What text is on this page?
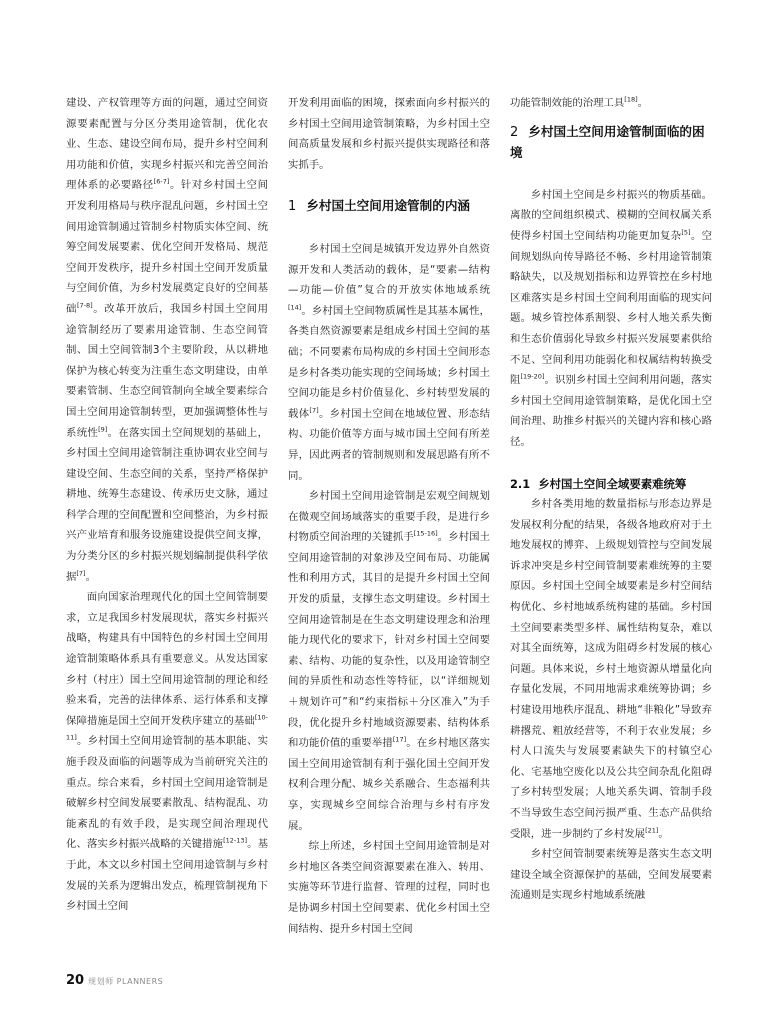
建设、产权管理等方面的问题，通过空间资源要素配置与分区分类用途管制，优化农业、生态、建设空间布局，提升乡村空间利用功能和价值，实现乡村振兴和完善空间治理体系的必要路径[6-7]。针对乡村国土空间开发利用格局与秩序混乱问题，乡村国土空间用途管制通过管制乡村物质实体空间、统筹空间发展要素、优化空间开发格局、规范空间开发秩序，提升乡村国土空间开发质量与空间价值，为乡村发展奠定良好的空间基础[7-8]。改革开放后，我国乡村国土空间用途管制经历了要素用途管制、生态空间管制、国土空间管制3个主要阶段，从以耕地保护为核心转变为注重生态文明建设，由单要素管制、生态空间管制向全域全要素综合国土空间用途管制转型，更加强调整体性与系统性[9]。在落实国土空间规划的基础上，乡村国土空间用途管制注重协调农业空间与建设空间、生态空间的关系，坚持严格保护耕地、统筹生态建设、传承历史文脉，通过科学合理的空间配置和空间整治，为乡村振兴产业培育和服务设施建设提供空间支撑，为分类分区的乡村振兴规划编制提供科学依据[7]。

面向国家治理现代化的国土空间管制要求，立足我国乡村发展现状，落实乡村振兴战略，构建具有中国特色的乡村国土空间用途管制策略体系具有重要意义。从发达国家乡村（村庄）国土空间用途管制的理论和经验来看，完善的法律体系、运行体系和支撑保障措施是国土空间开发秩序建立的基础[10-11]。乡村国土空间用途管制的基本职能、实施手段及面临的问题等成为当前研究关注的重点。综合来看，乡村国土空间用途管制是破解乡村空间发展要素散乱、结构混乱、功能紊乱的有效手段，是实现空间治理现代化、落实乡村振兴战略的关键措施[12-13]。基于此，本文以乡村国土空间用途管制与乡村发展的关系为逻辑出发点，梳理管制视角下乡村国土空间

开发利用面临的困境，探索面向乡村振兴的乡村国土空间用途管制策略，为乡村国土空间高质量发展和乡村振兴提供实现路径和落实抓手。

1 乡村国土空间用途管制的内涵

乡村国土空间是城镇开发边界外自然资源开发和人类活动的载体，是“要素—结构—功能—价值”复合的开放实体地域系统[14]。乡村国土空间物质属性是其基本属性，各类自然资源要素是组成乡村国土空间的基础；不同要素布局构成的乡村国土空间形态是乡村各类功能实现的空间场域；乡村国土空间功能是乡村价值显化、乡村转型发展的载体[7]。乡村国土空间在地域位置、形态结构、功能价值等方面与城市国土空间有所差异，因此两者的管制规则和发展思路有所不同。

乡村国土空间用途管制是宏观空间规划在微观空间场域落实的重要手段，是进行乡村物质空间治理的关键抓手[15-16]。乡村国土空间用途管制的对象涉及空间布局、功能属性和利用方式，其目的是提升乡村国土空间开发的质量，支撑生态文明建设。乡村国土空间用途管制是在生态文明建设理念和治理能力现代化的要求下，针对乡村国土空间要素、结构、功能的复杂性，以及用途管制空间的异质性和动态性等特征，以“详细规划＋规划许可”和“约束指标＋分区准入”为手段，优化提升乡村地域资源要素、结构体系和功能价值的重要举措[17]。在乡村地区落实国土空间用途管制有利于强化国土空间开发权利合理分配、城乡关系融合、生态福利共享，实现城乡空间综合治理与乡村有序发展。

综上所述，乡村国土空间用途管制是对乡村地区各类空间资源要素在准入、转用、实施等环节进行监督、管理的过程，同时也是协调乡村国土空间要素、优化乡村国土空间结构、提升乡村国土空间

功能管制效能的治理工具[18]。

2 乡村国土空间用途管制面临的困境

乡村国土空间是乡村振兴的物质基础。离散的空间组织模式、模糊的空间权属关系使得乡村国土空间结构功能更加复杂[5]。空间规划纵向传导路径不畅、乡村用途管制策略缺失，以及规划指标和边界管控在乡村地区难落实是乡村国土空间利用面临的现实问题。城乡管控体系割裂、乡村人地关系失衡和生态价值弱化导致乡村振兴发展要素供给不足、空间利用功能弱化和权属结构转换受阻[19-20]。识别乡村国土空间利用问题，落实乡村国土空间用途管制策略，是优化国土空间治理、助推乡村振兴的关键内容和核心路径。

2.1 乡村国土空间全域要素难统筹

乡村各类用地的数量指标与形态边界是发展权利分配的结果，各级各地政府对于土地发展权的博弈、上级规划管控与空间发展诉求冲突是乡村空间管制要素难统筹的主要原因。乡村国土空间全域要素是乡村空间结构优化、乡村地域系统构建的基础。乡村国土空间要素类型多样、属性结构复杂，难以对其全面统筹，这成为阻碍乡村发展的核心问题。具体来说，乡村土地资源从增量化向存量化发展，不同用地需求难统筹协调；乡村建设用地秩序混乱、耕地“非粮化”导致弃耕撂荒、粗放经营等，不利于农业发展；乡村人口流失与发展要素缺失下的村镇空心化、宅基地空废化以及公共空间杂乱化阻碍了乡村转型发展；人地关系失调、管制手段不当导致生态空间污损严重、生态产品供给受限，进一步制约了乡村发展[21]。

乡村空间管制要素统筹是落实生态文明建设全域全资源保护的基础，空间发展要素流通则是实现乡村地域系统融

20 规划师 PLANNERS
